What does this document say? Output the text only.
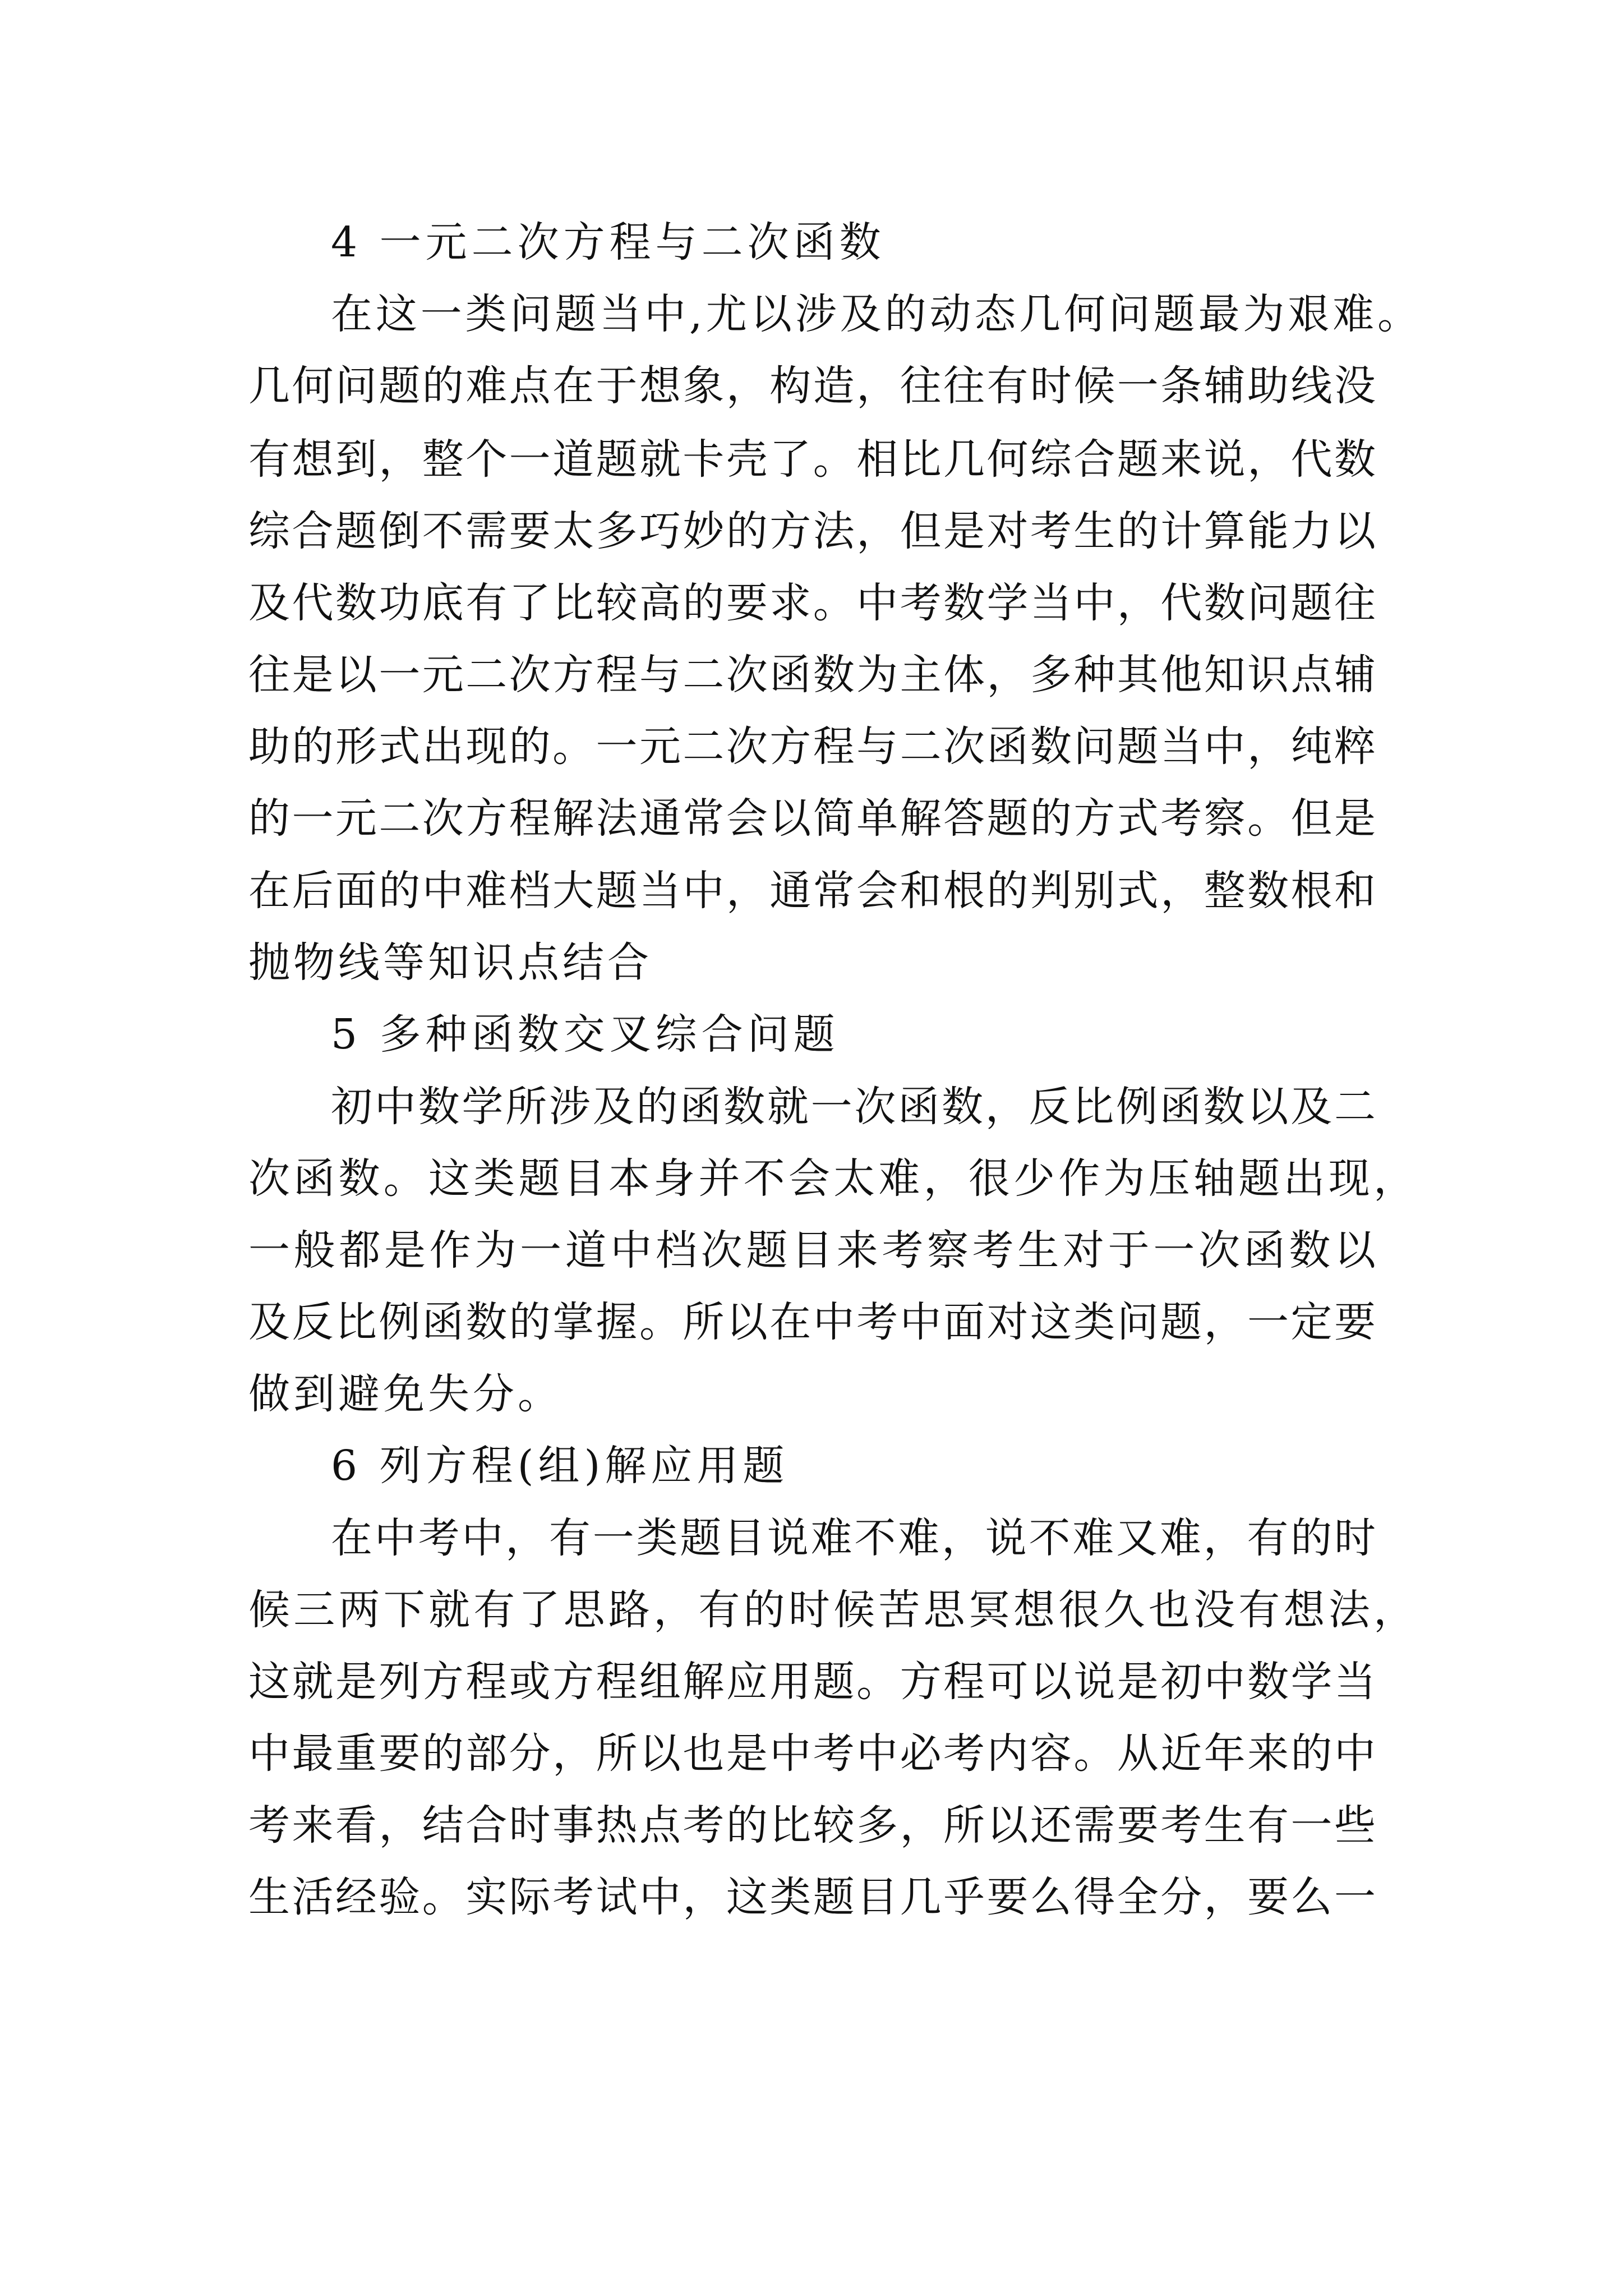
4 一元二次方程与二次函数
在这一类问题当中,尤以涉及的动态几何问题最为艰难。
几何问题的难点在于想象，构造，往往有时候一条辅助线没
有想到，整个一道题就卡壳了。相比几何综合题来说，代数
综合题倒不需要太多巧妙的方法，但是对考生的计算能力以
及代数功底有了比较高的要求。中考数学当中，代数问题往
往是以一元二次方程与二次函数为主体，多种其他知识点辅
助的形式出现的。一元二次方程与二次函数问题当中，纯粹
的一元二次方程解法通常会以简单解答题的方式考察。但是
在后面的中难档大题当中，通常会和根的判别式，整数根和
抛物线等知识点结合
5 多种函数交叉综合问题
初中数学所涉及的函数就一次函数，反比例函数以及二
次函数。这类题目本身并不会太难，很少作为压轴题出现，
一般都是作为一道中档次题目来考察考生对于一次函数以
及反比例函数的掌握。所以在中考中面对这类问题，一定要
做到避免失分。
6 列方程(组)解应用题
在中考中，有一类题目说难不难，说不难又难，有的时
候三两下就有了思路，有的时候苦思冥想很久也没有想法，
这就是列方程或方程组解应用题。方程可以说是初中数学当
中最重要的部分，所以也是中考中必考内容。从近年来的中
考来看，结合时事热点考的比较多，所以还需要考生有一些
生活经验。实际考试中，这类题目几乎要么得全分，要么一
